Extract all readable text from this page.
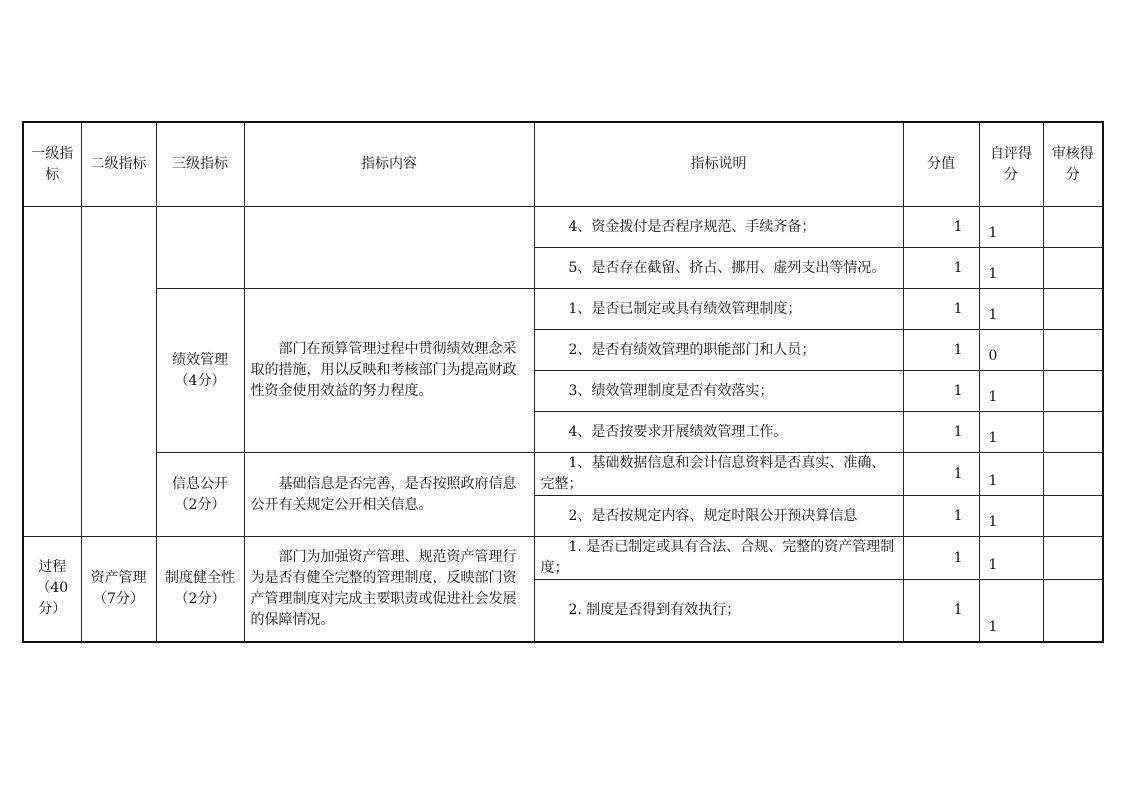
一级指标	二级指标	三级指标	指标内容	指标说明	分值	自评得分	审核得分
				4、资金拨付是否程序规范、手续齐备；	1	1	
				5、是否存在截留、挤占、挪用、虚列支出等情况。	1	1	
		绩效管理（4分）	部门在预算管理过程中贯彻绩效理念采取的措施，用以反映和考核部门为提高财政性资金使用效益的努力程度。	1、是否已制定或具有绩效管理制度；	1	1	
				2、是否有绩效管理的职能部门和人员；	1	0	
				3、绩效管理制度是否有效落实；	1	1	
				4、是否按要求开展绩效管理工作。	1	1	
		信息公开（2分）	基础信息是否完善，是否按照政府信息公开有关规定公开相关信息。	1、基础数据信息和会计信息资料是否真实、准确、完整；	1	1	
				2、是否按规定内容、规定时限公开预决算信息	1	1	
过程（40分）	资产管理（7分）	制度健全性（2分）	部门为加强资产管理、规范资产管理行为是否有健全完整的管理制度，反映部门资产管理制度对完成主要职责或促进社会发展的保障情况。	1. 是否已制定或具有合法、合规、完整的资产管理制度；	1	1	
				2. 制度是否得到有效执行；	1	1	
